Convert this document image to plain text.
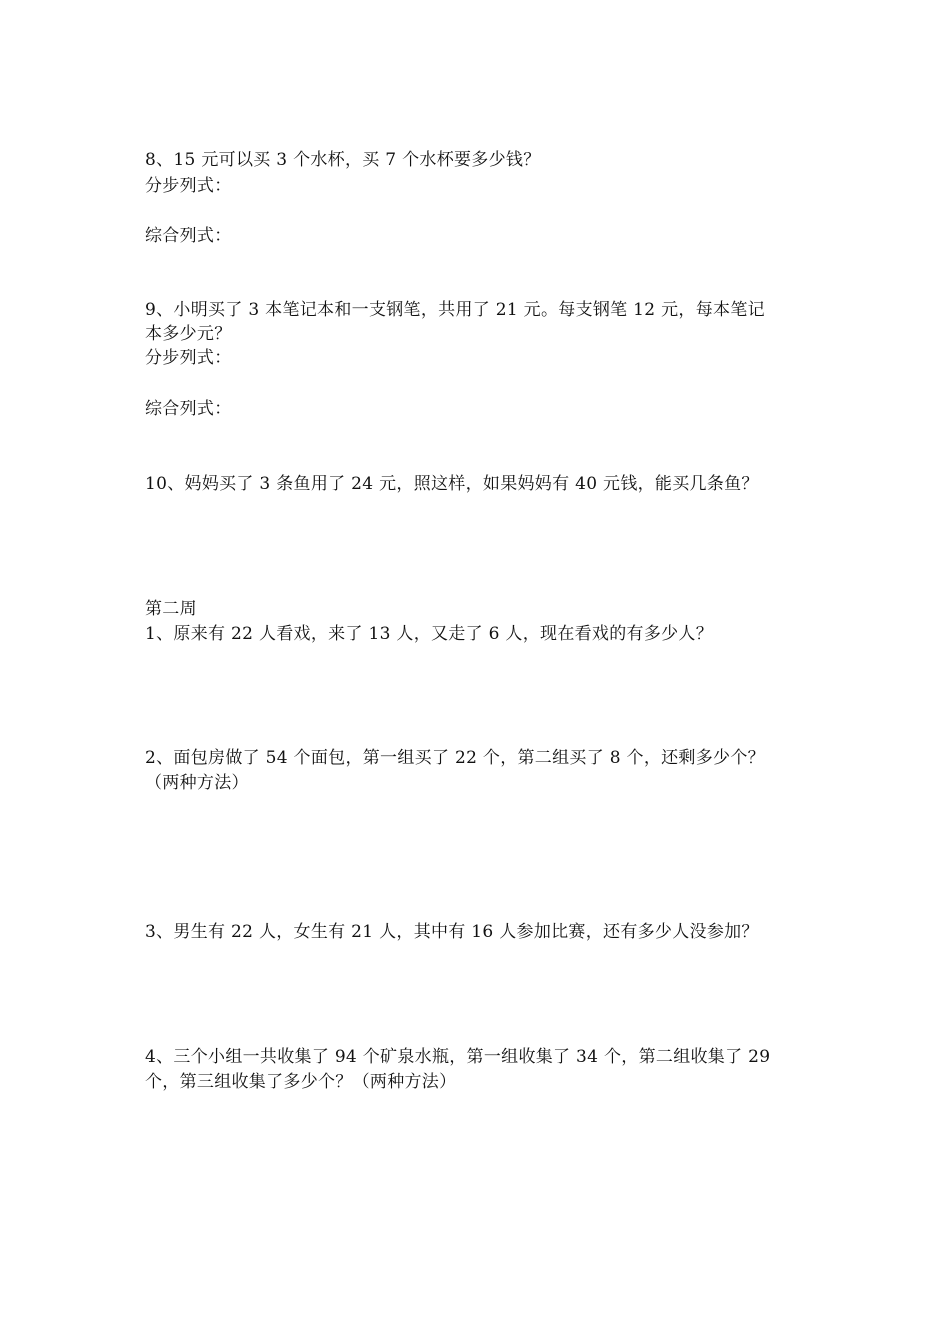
8、15 元可以买 3 个水杯，买 7 个水杯要多少钱？
分步列式：
综合列式：
9、小明买了 3 本笔记本和一支钢笔，共用了 21 元。每支钢笔 12 元，每本笔记
本多少元？
分步列式：
综合列式：
10、妈妈买了 3 条鱼用了 24 元，照这样，如果妈妈有 40 元钱，能买几条鱼？
第二周
1、原来有 22 人看戏，来了 13 人，又走了 6 人，现在看戏的有多少人？
2、面包房做了 54 个面包，第一组买了 22 个，第二组买了 8 个，还剩多少个？
（两种方法）
3、男生有 22 人，女生有 21 人，其中有 16 人参加比赛，还有多少人没参加？
4、三个小组一共收集了 94 个矿泉水瓶，第一组收集了 34 个，第二组收集了 29
个，第三组收集了多少个？（两种方法）
